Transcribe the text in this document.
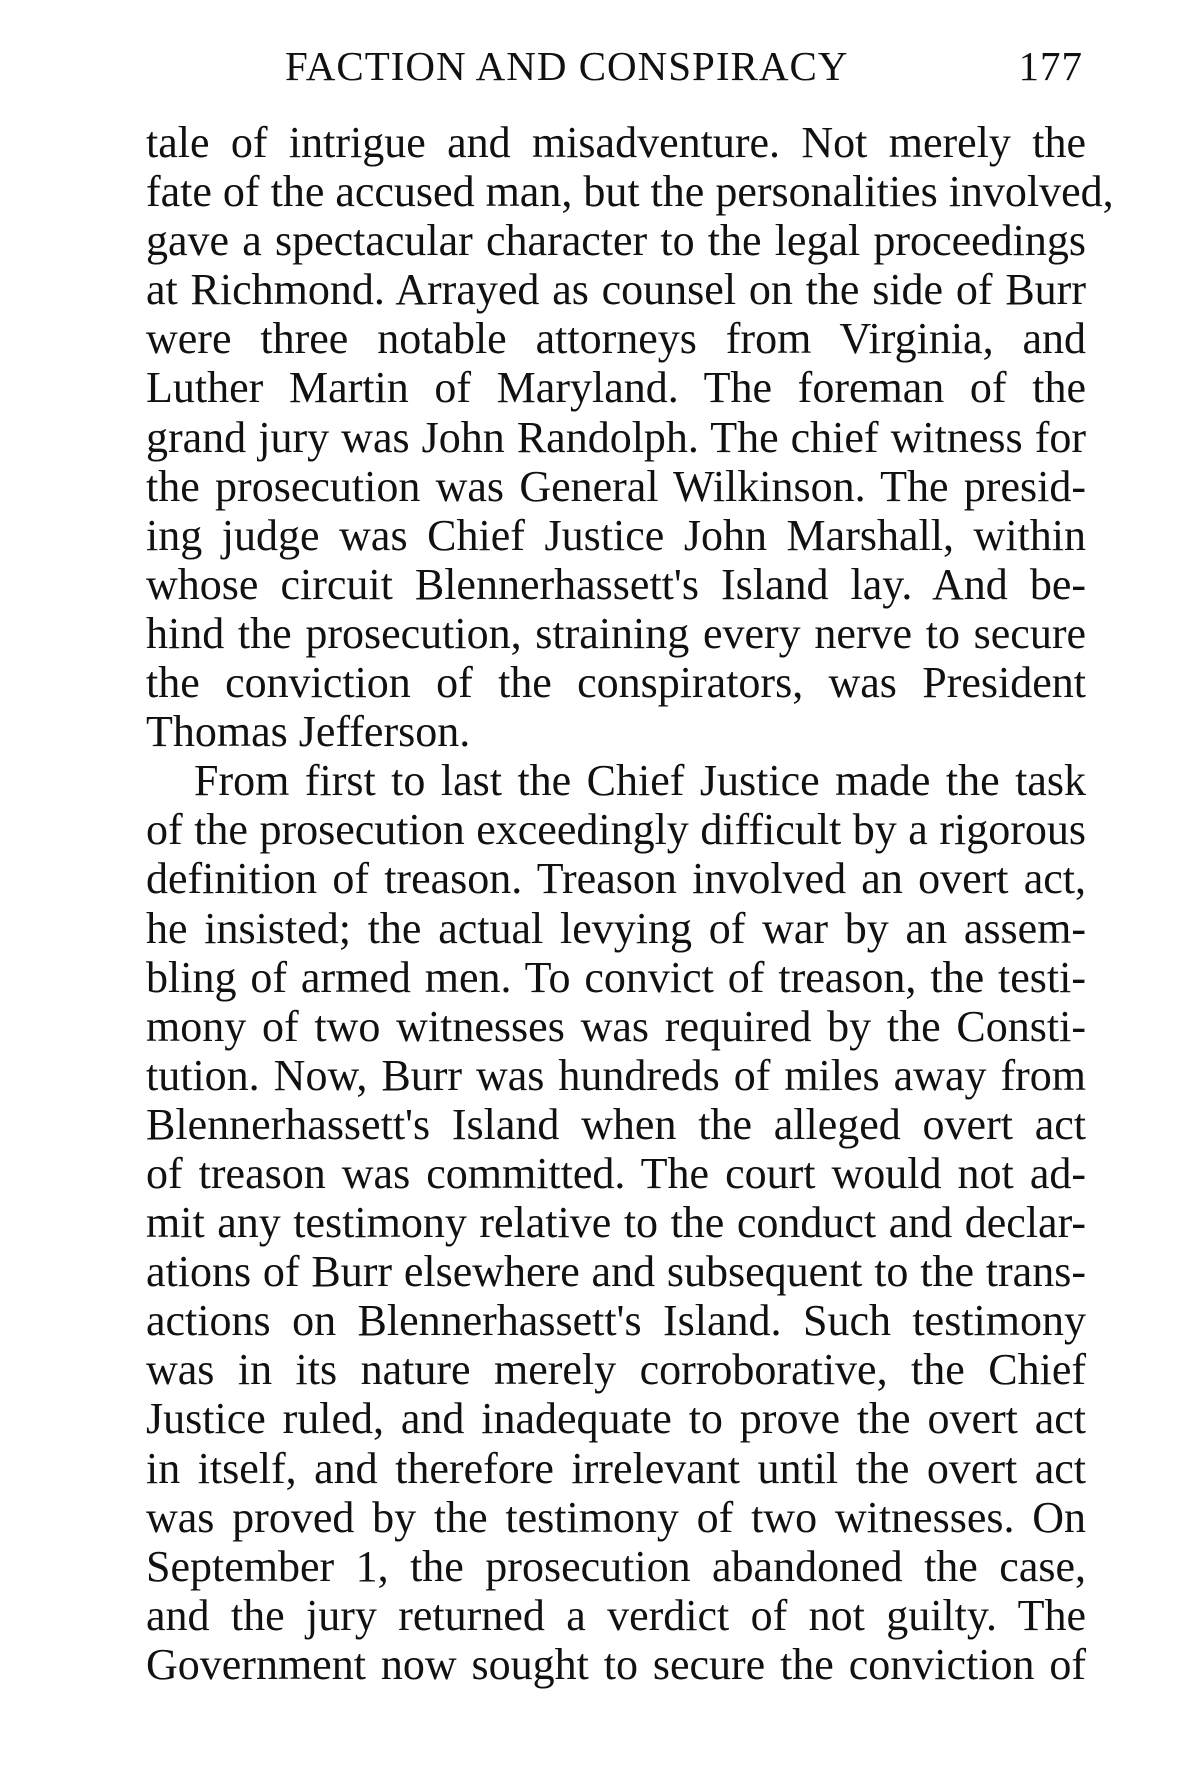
FACTION AND CONSPIRACY	177

tale of intrigue and misadventure. Not merely the
fate of the accused man, but the personalities involved,
gave a spectacular character to the legal proceedings
at Richmond. Arrayed as counsel on the side of Burr
were three notable attorneys from Virginia, and
Luther Martin of Maryland. The foreman of the
grand jury was John Randolph. The chief witness for
the prosecution was General Wilkinson. The presid-
ing judge was Chief Justice John Marshall, within
whose circuit Blennerhassett's Island lay. And be-
hind the prosecution, straining every nerve to secure
the conviction of the conspirators, was President
Thomas Jefferson.

From first to last the Chief Justice made the task
of the prosecution exceedingly difficult by a rigorous
definition of treason. Treason involved an overt act,
he insisted; the actual levying of war by an assem-
bling of armed men. To convict of treason, the testi-
mony of two witnesses was required by the Consti-
tution. Now, Burr was hundreds of miles away from
Blennerhassett's Island when the alleged overt act
of treason was committed. The court would not ad-
mit any testimony relative to the conduct and declar-
ations of Burr elsewhere and subsequent to the trans-
actions on Blennerhassett's Island. Such testimony
was in its nature merely corroborative, the Chief
Justice ruled, and inadequate to prove the overt act
in itself, and therefore irrelevant until the overt act
was proved by the testimony of two witnesses. On
September 1, the prosecution abandoned the case,
and the jury returned a verdict of not guilty. The
Government now sought to secure the conviction of
